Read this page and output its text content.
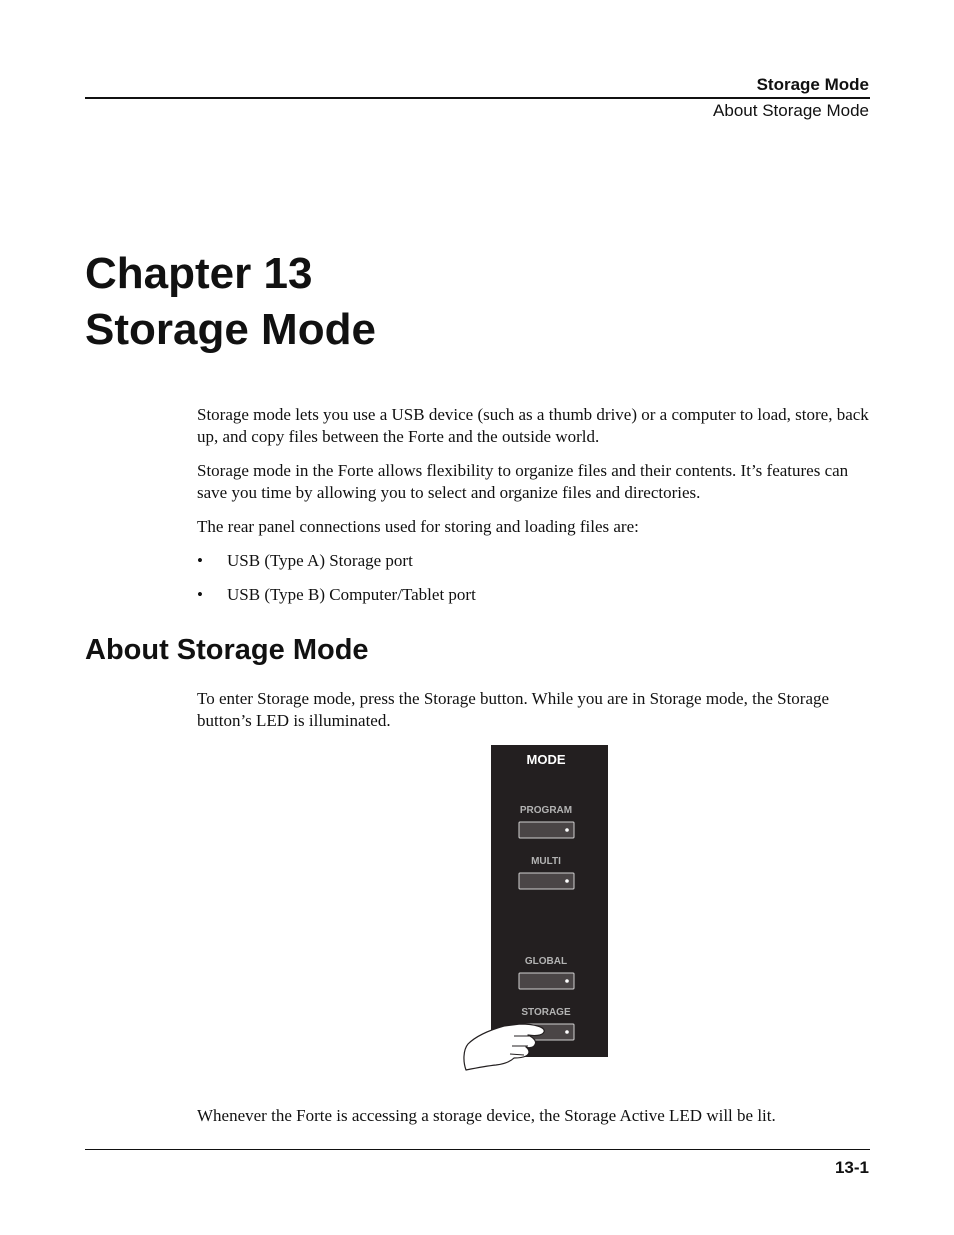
Storage Mode
About Storage Mode
Chapter 13
Storage Mode
Storage mode lets you use a USB device (such as a thumb drive) or a computer to load, store, back up, and copy files between the Forte and the outside world.
Storage mode in the Forte allows flexibility to organize files and their contents. It’s features can save you time by allowing you to select and organize files and directories.
The rear panel connections used for storing and loading files are:
• USB (Type A) Storage port
• USB (Type B) Computer/Tablet port
About Storage Mode
To enter Storage mode, press the Storage button. While you are in Storage mode, the Storage button’s LED is illuminated.
MODE
PROGRAM
MULTI
GLOBAL
STORAGE
Whenever the Forte is accessing a storage device, the Storage Active LED will be lit.
13-1
